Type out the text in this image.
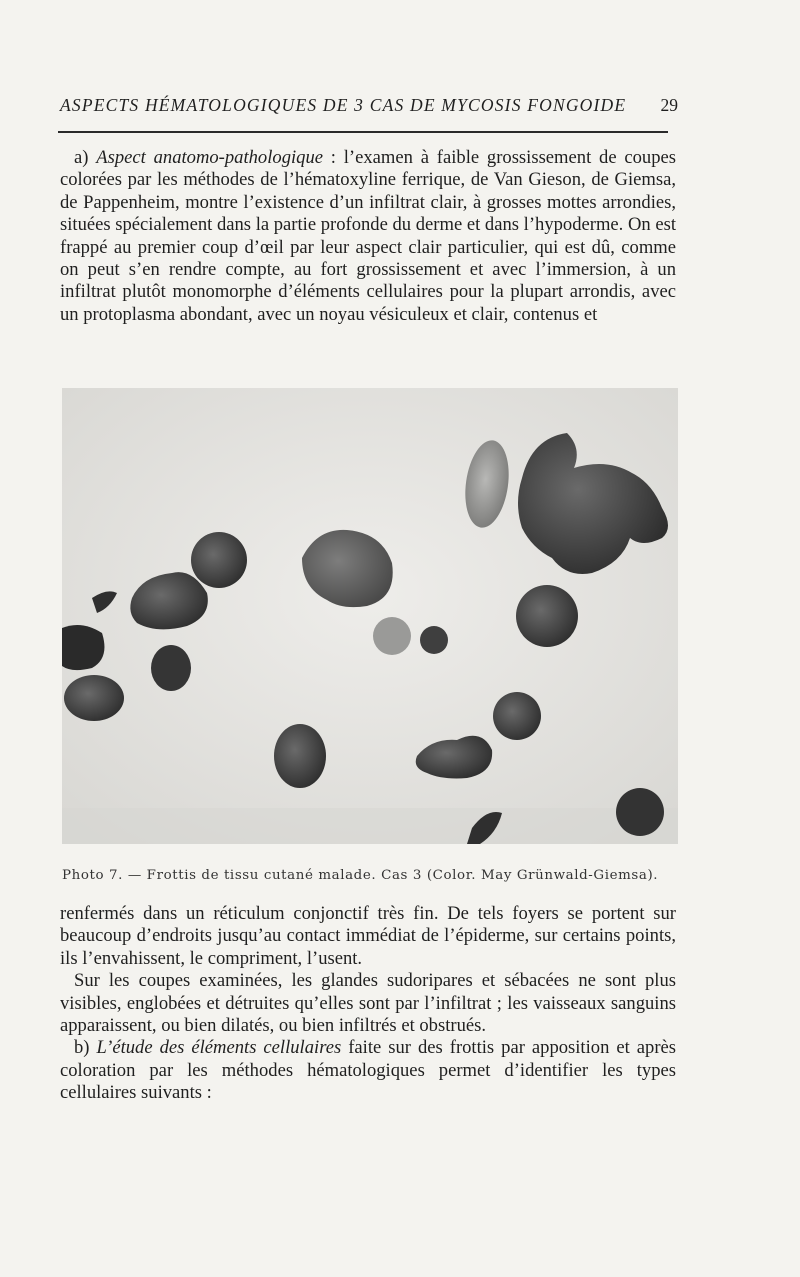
ASPECTS HÉMATOLOGIQUES DE 3 CAS DE MYCOSIS FONGOIDE 29

a) Aspect anatomo-pathologique : l’examen à faible grossissement de coupes colorées par les méthodes de l’hématoxyline ferrique, de Van Gieson, de Giemsa, de Pappenheim, montre l’existence d’un infiltrat clair, à grosses mottes arrondies, situées spécialement dans la partie profonde du derme et dans l’hypoderme. On est frappé au premier coup d’œil par leur aspect clair particulier, qui est dû, comme on peut s’en rendre compte, au fort grossissement et avec l’immersion, à un infiltrat plutôt monomorphe d’éléments cellulaires pour la plupart arrondis, avec un protoplasma abondant, avec un noyau vésiculeux et clair, contenus et

Photo 7. — Frottis de tissu cutané malade. Cas 3 (Color. May Grünwald-Giemsa).

renfermés dans un réticulum conjonctif très fin. De tels foyers se portent sur beaucoup d’endroits jusqu’au contact immédiat de l’épiderme, sur certains points, ils l’envahissent, le compriment, l’usent.

Sur les coupes examinées, les glandes sudoripares et sébacées ne sont plus visibles, englobées et détruites qu’elles sont par l’infiltrat ; les vaisseaux sanguins apparaissent, ou bien dilatés, ou bien infiltrés et obstrués.

b) L’étude des éléments cellulaires faite sur des frottis par apposition et après coloration par les méthodes hématologiques permet d’identifier les types cellulaires suivants :
